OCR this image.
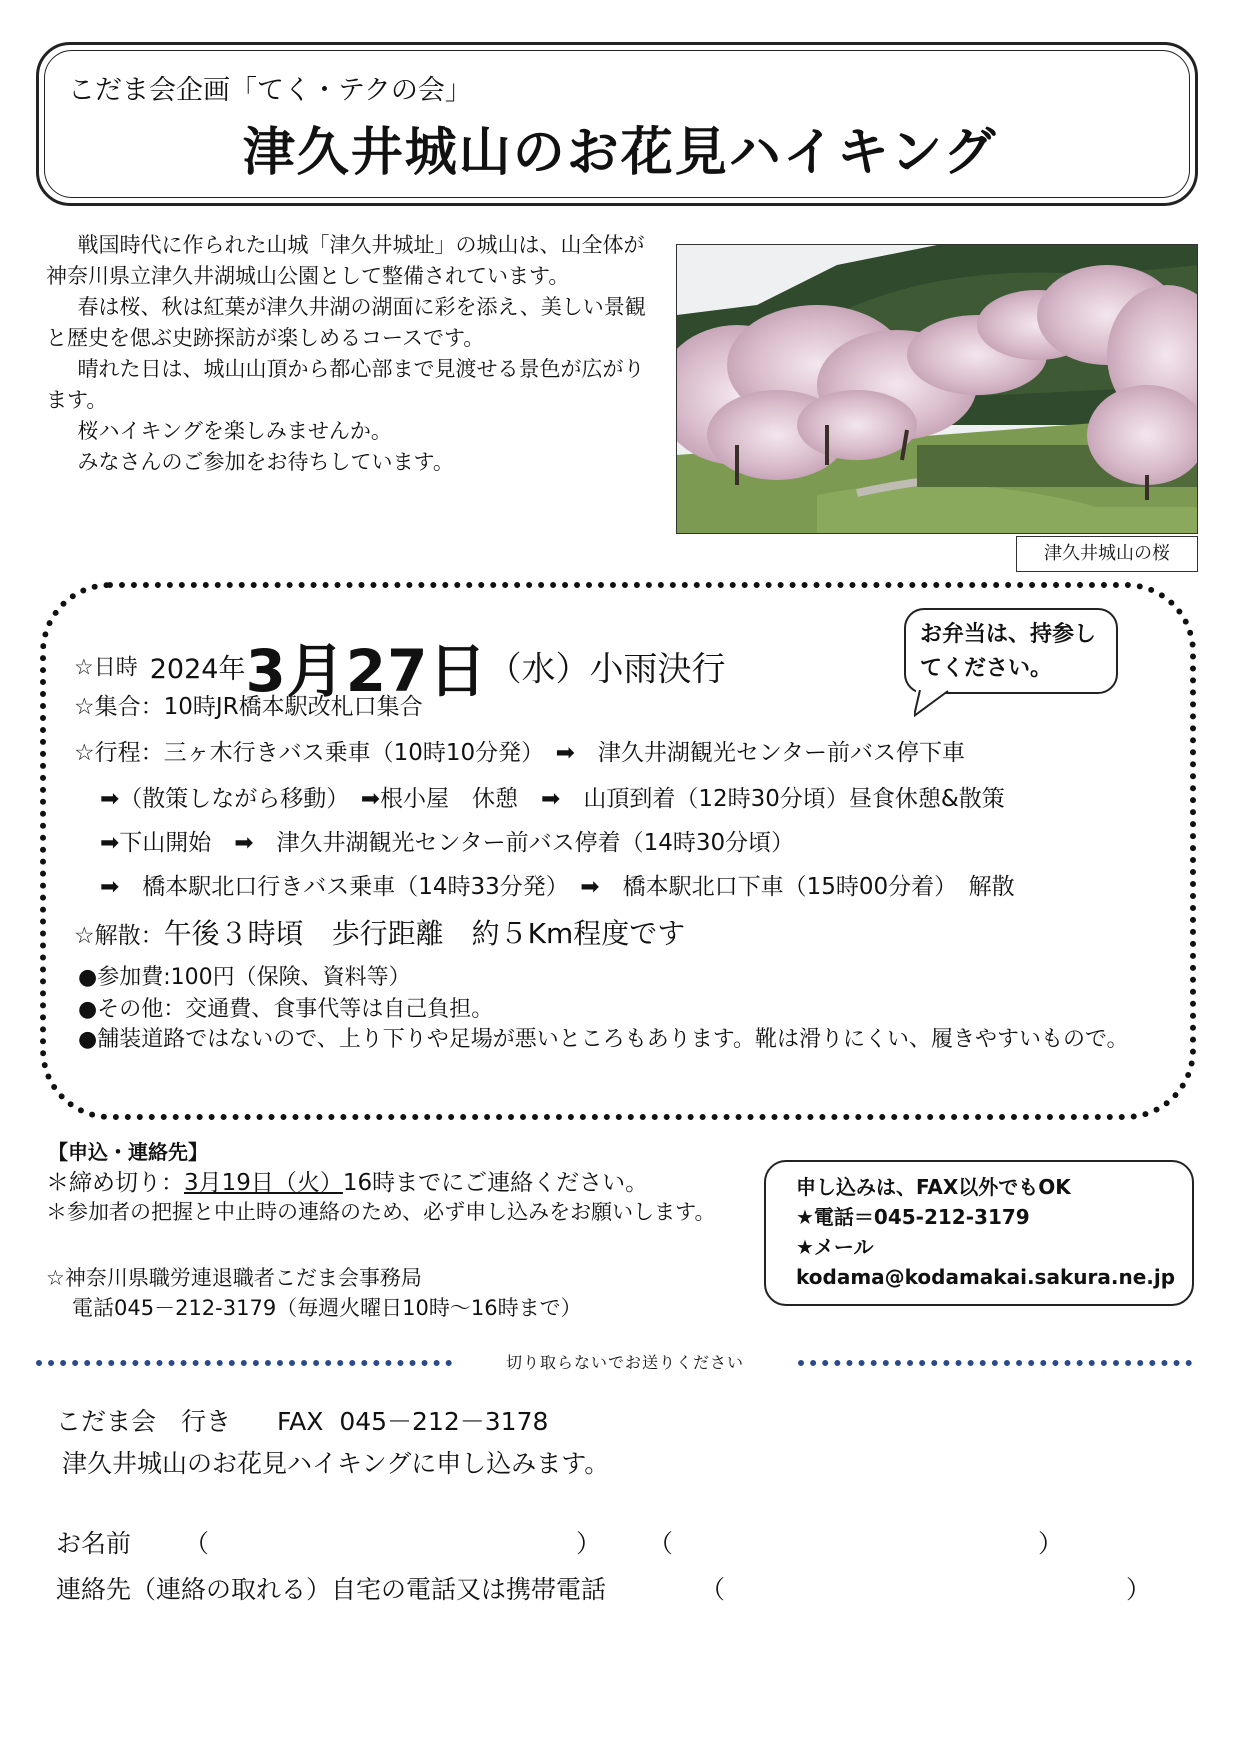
こだま会企画「てく・テクの会」
津久井城山のお花見ハイキング

戦国時代に作られた山城「津久井城址」の城山は、山全体が神奈川県立津久井湖城山公園として整備されています。

春は桜、秋は紅葉が津久井湖の湖面に彩を添え、美しい景観と歴史を偲ぶ史跡探訪が楽しめるコースです。

晴れた日は、城山山頂から都心部まで見渡せる景色が広がります。

桜ハイキングを楽しみませんか。

みなさんのご参加をお待ちしています。

津久井城山の桜
☆日時 2024年3月27日（水）小雨決行
お弁当は、持参してください。
☆集合：10時JR橋本駅改札口集合
☆行程：三ヶ木行きバス乗車（10時10分発）　➡　津久井湖観光センター前バス停下車
➡（散策しながら移動）　➡根小屋　休憩　➡　山頂到着（12時30分頃）昼食休憩&散策
➡下山開始　➡　津久井湖観光センター前バス停着（14時30分頃）
➡　橋本駅北口行きバス乗車（14時33分発）　➡　橋本駅北口下車（15時00分着）　解散
☆解散：午後３時頃　歩行距離　約５Km程度です
●参加費:100円（保険、資料等）
●その他：交通費、食事代等は自己負担。
●舗装道路ではないので、上り下りや足場が悪いところもあります。靴は滑りにくい、履きやすいもので。
【申込・連絡先】
＊締め切り：3月19日（火）16時までにご連絡ください。
＊参加者の把握と中止時の連絡のため、必ず申し込みをお願いします。
☆神奈川県職労連退職者こだま会事務局
電話045－212-3179（毎週火曜日10時～16時まで）
申し込みは、FAX以外でもOK
★電話＝045-212-3179
★メール
kodama@kodamakai.sakura.ne.jp
切り取らないでお送りください
こだま会　行き FAX 045－212－3178
津久井城山のお花見ハイキングに申し込みます。
お名前 （	） （	）
連絡先（連絡の取れる）自宅の電話又は携帯電話	（	）
